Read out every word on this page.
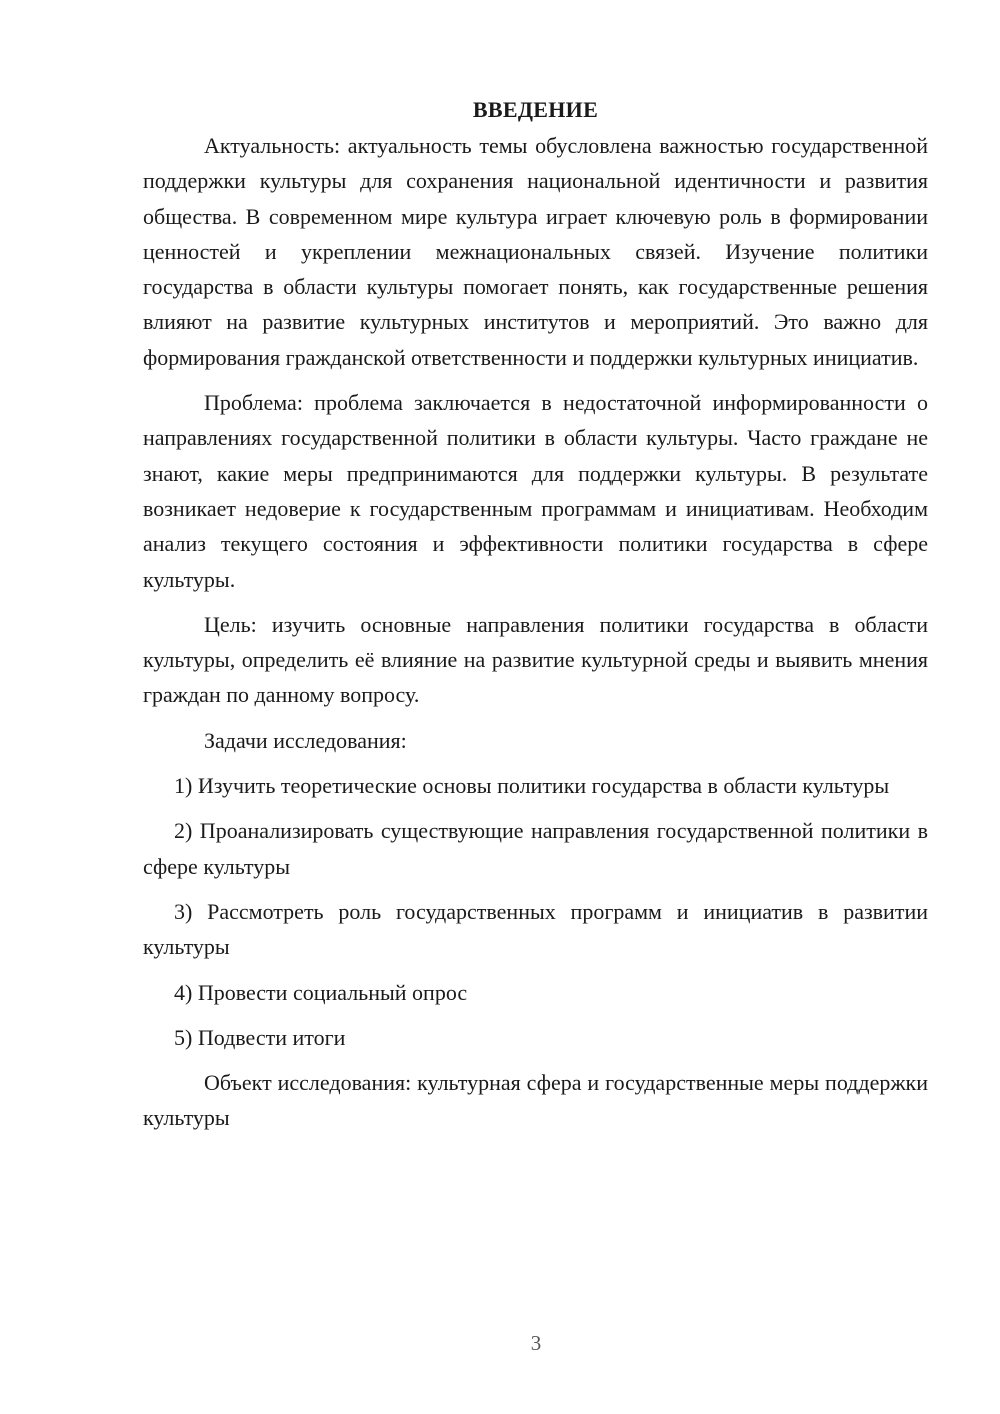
ВВЕДЕНИЕ

Актуальность: актуальность темы обусловлена важностью государственной поддержки культуры для сохранения национальной идентичности и развития общества. В современном мире культура играет ключевую роль в формировании ценностей и укреплении межнациональных связей. Изучение политики государства в области культуры помогает понять, как государственные решения влияют на развитие культурных институтов и мероприятий. Это важно для формирования гражданской ответственности и поддержки культурных инициатив.

Проблема: проблема заключается в недостаточной информированности о направлениях государственной политики в области культуры. Часто граждане не знают, какие меры предпринимаются для поддержки культуры. В результате возникает недоверие к государственным программам и инициативам. Необходим анализ текущего состояния и эффективности политики государства в сфере культуры.

Цель: изучить основные направления политики государства в области культуры, определить её влияние на развитие культурной среды и выявить мнения граждан по данному вопросу.

Задачи исследования:

1) Изучить теоретические основы политики государства в области культуры

2) Проанализировать существующие направления государственной политики в сфере культуры

3) Рассмотреть роль государственных программ и инициатив в развитии культуры

4) Провести социальный опрос

5) Подвести итоги

Объект исследования: культурная сфера и государственные меры поддержки культуры

3
